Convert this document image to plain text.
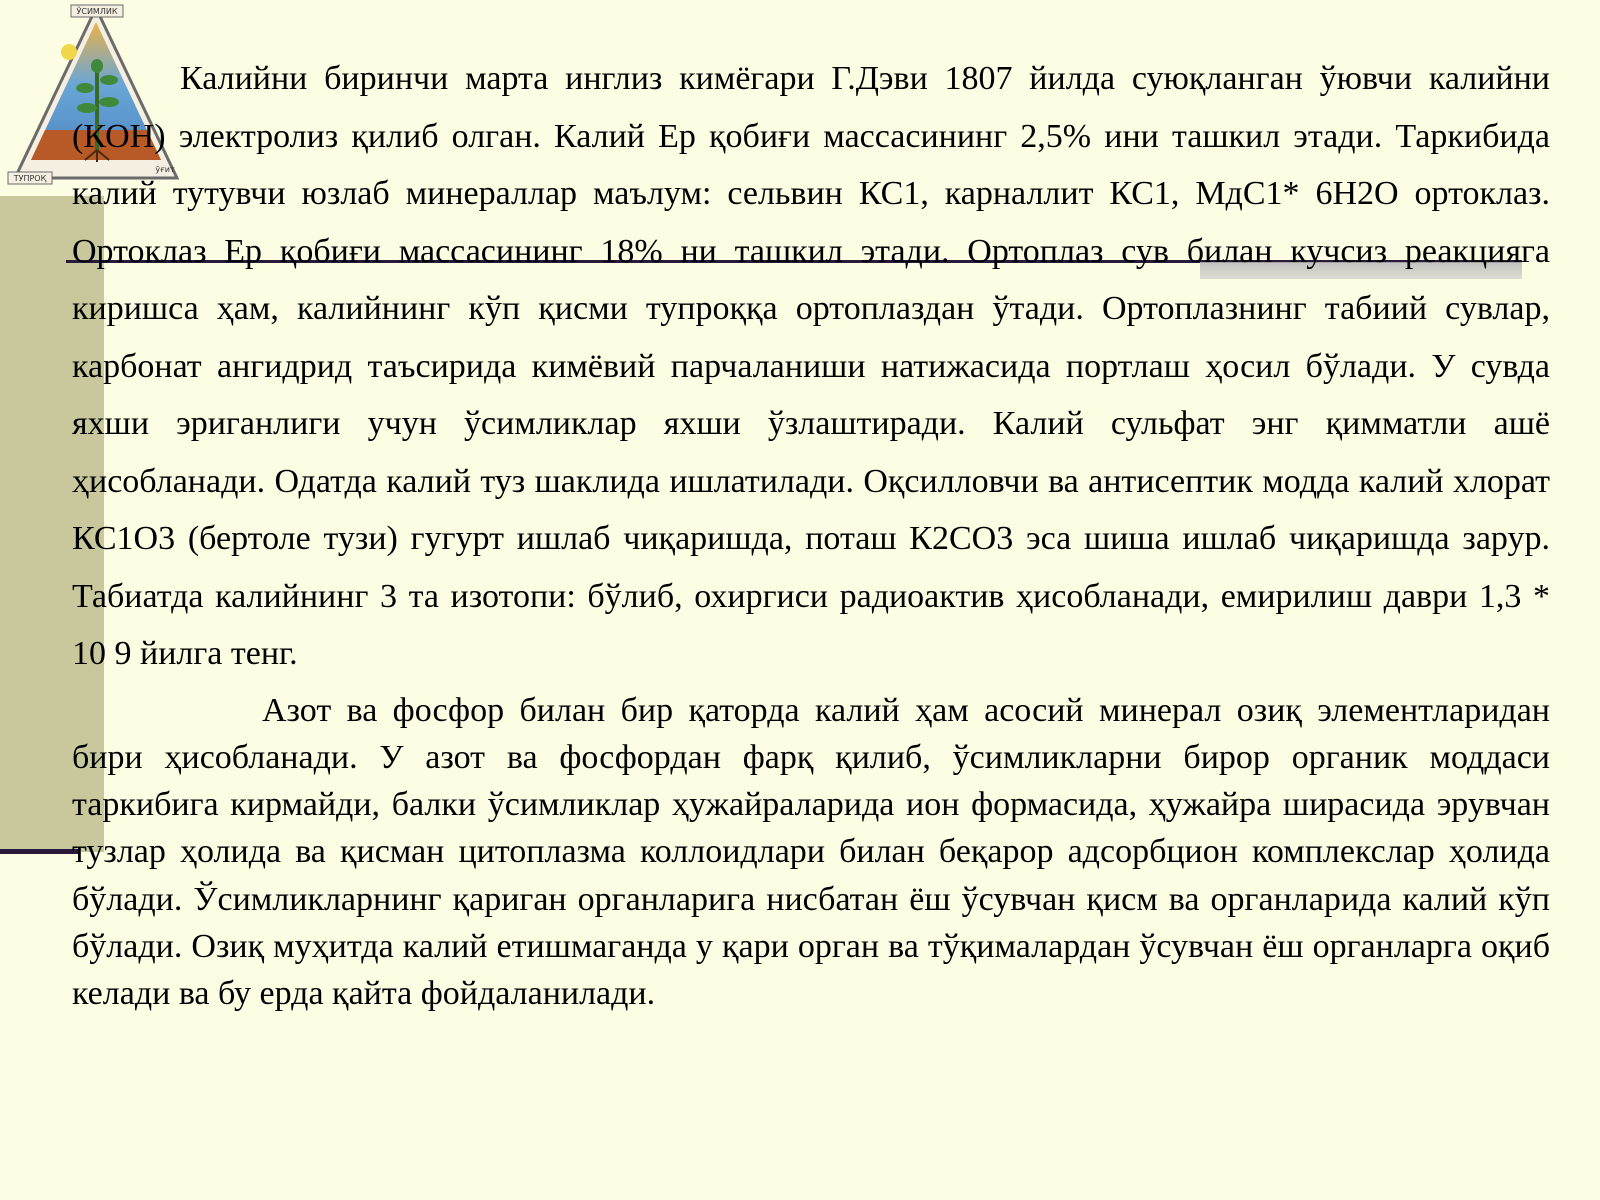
ЎСИМЛИК
ТУПРОҚ
ўғит

Калийни биринчи марта инглиз кимёгари Г.Дэви 1807 йилда суюқланган ўювчи калийни (КОН) электролиз қилиб олган. Калий Ер қобиғи массасининг 2,5% ини ташкил этади. Таркибида калий тутувчи юзлаб минераллар маълум: сельвин КС1, карналлит КС1, МдС1* 6Н2О ортоклаз. Ортоклаз Ер қобиғи массасининг 18% ни ташкил этади. Ортоплаз сув билан кучсиз реакцияга киришса ҳам, калийнинг кўп қисми тупроққа ортоплаздан ўтади. Ортоплазнинг табиий сувлар, карбонат ангидрид таъсирида кимёвий парчаланиши натижасида портлаш ҳосил бўлади. У сувда яхши эриганлиги учун ўсимликлар яхши ўзлаштиради. Калий сульфат энг қимматли ашё ҳисобланади. Одатда калий туз шаклида ишлатилади. Оқсилловчи ва антисептик модда калий хлорат КС1О3 (бертоле тузи) гугурт ишлаб чиқаришда, поташ К2СО3 эса шиша ишлаб чиқаришда зарур. Табиатда калийнинг 3 та изотопи: бўлиб, охиргиси радиоактив ҳисобланади, емирилиш даври 1,3 * 10 9 йилга тенг.

Азот ва фосфор билан бир қаторда калий ҳам асосий минерал озиқ элементларидан бири ҳисобланади. У азот ва фосфордан фарқ қилиб, ўсимликларни бирор органик моддаси таркибига кирмайди, балки ўсимликлар ҳужайраларида ион формасида, ҳужайра ширасида эрувчан тузлар ҳолида ва қисман цитоплазма коллоидлари билан беқарор адсорбцион комплекслар ҳолида бўлади. Ўсимликларнинг қариган органларига нисбатан ёш ўсувчан қисм ва органларида калий кўп бўлади. Озиқ муҳитда калий етишмаганда у қари орган ва тўқималардан ўсувчан ёш органларга оқиб келади ва бу ерда қайта фойдаланилади.
